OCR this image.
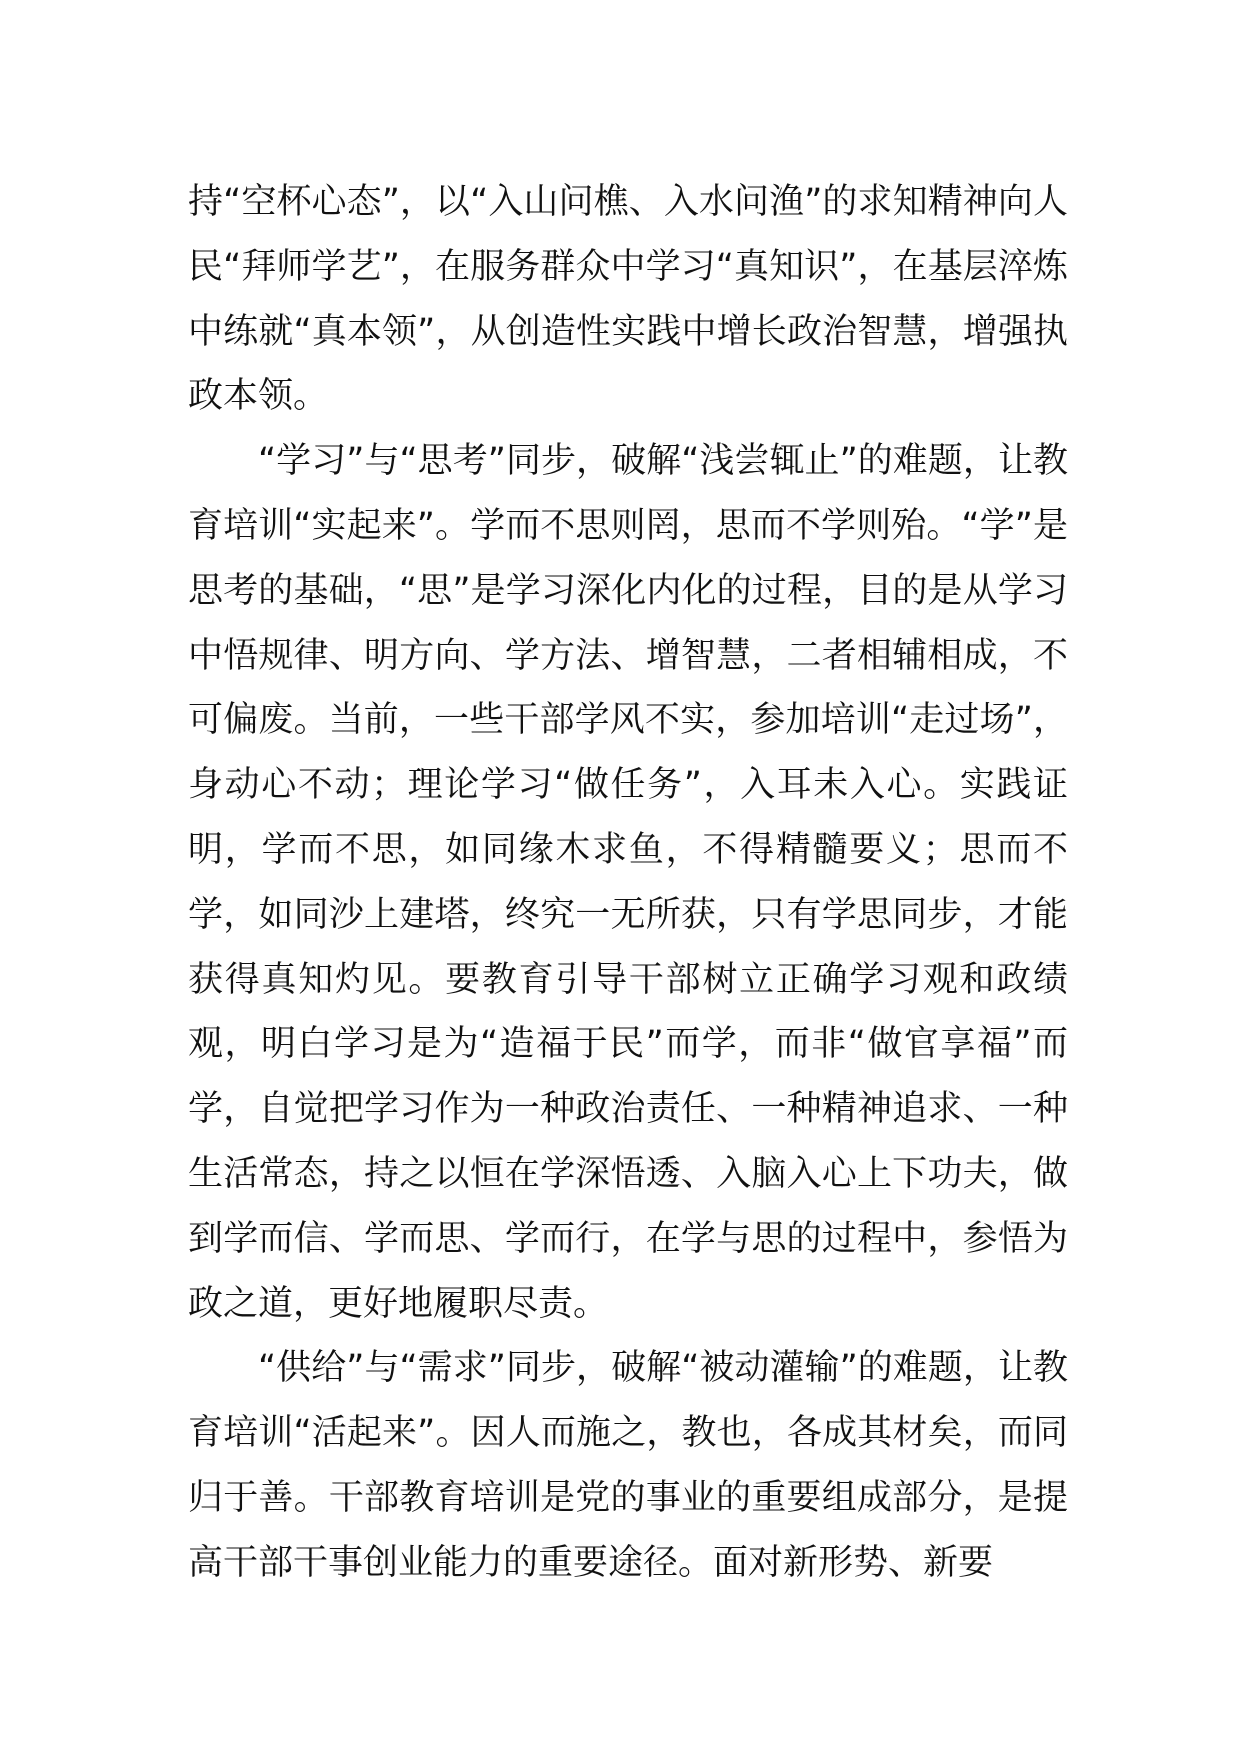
持“空杯心态”，以“入山问樵、入水问渔”的求知精神向人民“拜师学艺”，在服务群众中学习“真知识”，在基层淬炼中练就“真本领”，从创造性实践中增长政治智慧，增强执政本领。

“学习”与“思考”同步，破解“浅尝辄止”的难题，让教育培训“实起来”。学而不思则罔，思而不学则殆。“学”是思考的基础，“思”是学习深化内化的过程，目的是从学习中悟规律、明方向、学方法、增智慧，二者相辅相成，不可偏废。当前，一些干部学风不实，参加培训“走过场”，身动心不动；理论学习“做任务”，入耳未入心。实践证明，学而不思，如同缘木求鱼，不得精髓要义；思而不学，如同沙上建塔，终究一无所获，只有学思同步，才能获得真知灼见。要教育引导干部树立正确学习观和政绩观，明白学习是为“造福于民”而学，而非“做官享福”而学，自觉把学习作为一种政治责任、一种精神追求、一种生活常态，持之以恒在学深悟透、入脑入心上下功夫，做到学而信、学而思、学而行，在学与思的过程中，参悟为政之道，更好地履职尽责。

“供给”与“需求”同步，破解“被动灌输”的难题，让教育培训“活起来”。因人而施之，教也，各成其材矣，而同归于善。干部教育培训是党的事业的重要组成部分，是提高干部干事创业能力的重要途径。面对新形势、新要
